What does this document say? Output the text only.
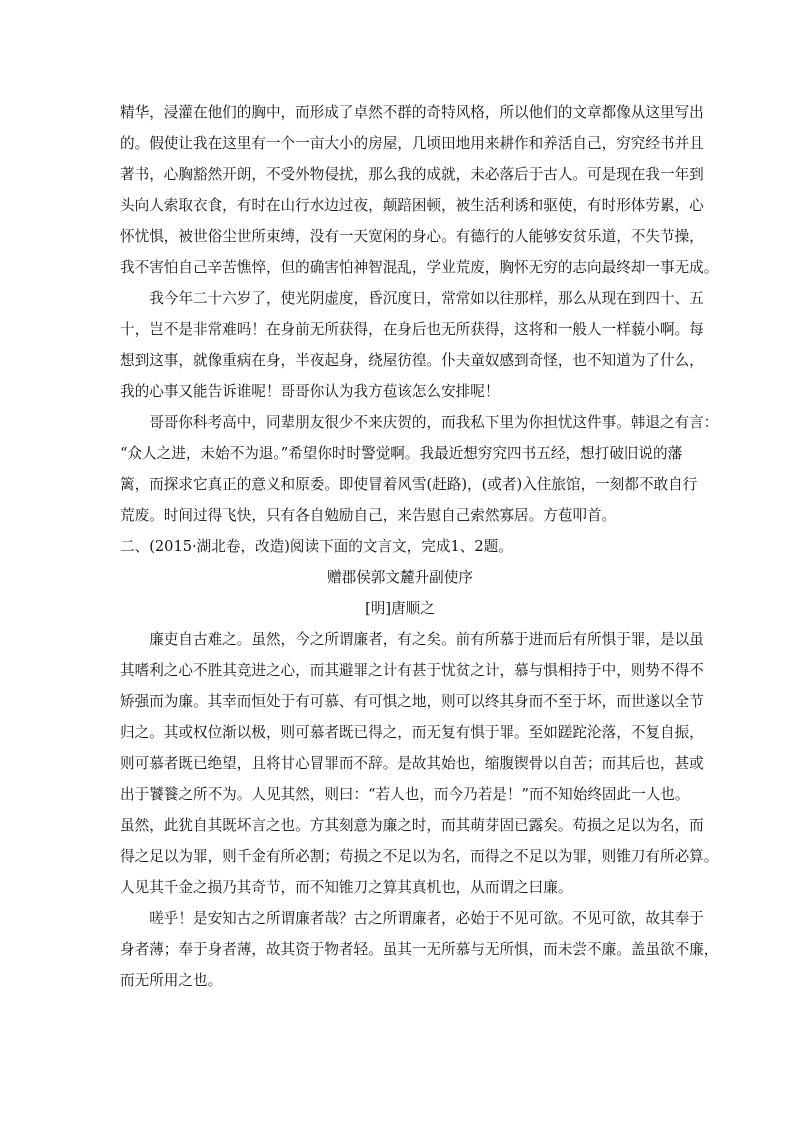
精华，浸灌在他们的胸中，而形成了卓然不群的奇特风格，所以他们的文章都像从这里写出
的。假使让我在这里有一个一亩大小的房屋，几顷田地用来耕作和养活自己，穷究经书并且
著书，心胸豁然开朗，不受外物侵扰，那么我的成就，未必落后于古人。可是现在我一年到
头向人索取衣食，有时在山行水边过夜，颠踣困顿，被生活利诱和驱使，有时形体劳累，心
怀忧惧，被世俗尘世所束缚，没有一天宽闲的身心。有德行的人能够安贫乐道，不失节操，
我不害怕自己辛苦憔悴，但的确害怕神智混乱，学业荒废，胸怀无穷的志向最终却一事无成。

我今年二十六岁了，使光阴虚度，昏沉度日，常常如以往那样，那么从现在到四十、五
十，岂不是非常难吗！在身前无所获得，在身后也无所获得，这将和一般人一样藐小啊。每
想到这事，就像重病在身，半夜起身，绕屋彷徨。仆夫童奴感到奇怪，也不知道为了什么，
我的心事又能告诉谁呢！哥哥你认为我方苞该怎么安排呢！

哥哥你科考高中，同辈朋友很少不来庆贺的，而我私下里为你担忧这件事。韩退之有言：
“众人之进，未始不为退。”希望你时时警觉啊。我最近想穷究四书五经，想打破旧说的藩
篱，而探求它真正的意义和原委。即使冒着风雪(赶路)，(或者)入住旅馆，一刻都不敢自行
荒废。时间过得飞快，只有各自勉励自己，来告慰自己索然寡居。方苞叩首。

二、(2015·湖北卷，改造)阅读下面的文言文，完成1、2题。

赠郡侯郭文麓升副使序

[明]唐顺之

廉吏自古难之。虽然，今之所谓廉者，有之矣。前有所慕于进而后有所惧于罪，是以虽
其嗜利之心不胜其竞进之心，而其避罪之计有甚于忧贫之计，慕与惧相持于中，则势不得不
矫强而为廉。其幸而恒处于有可慕、有可惧之地，则可以终其身而不至于坏，而世遂以全节
归之。其或权位渐以极，则可慕者既已得之，而无复有惧于罪。至如蹉跎沦落，不复自振，
则可慕者既已绝望，且将甘心冒罪而不辞。是故其始也，缩腹锲骨以自苦；而其后也，甚或
出于饕餮之所不为。人见其然，则曰：“若人也，而今乃若是！”而不知始终固此一人也。
虽然，此犹自其既坏言之也。方其刻意为廉之时，而其萌芽固已露矣。苟损之足以为名，而
得之足以为罪，则千金有所必割；苟损之不足以为名，而得之不足以为罪，则锥刀有所必算。
人见其千金之损乃其奇节，而不知锥刀之算其真机也，从而谓之曰廉。

嗟乎！是安知古之所谓廉者哉？古之所谓廉者，必始于不见可欲。不见可欲，故其奉于
身者薄；奉于身者薄，故其资于物者轻。虽其一无所慕与无所惧，而未尝不廉。盖虽欲不廉，
而无所用之也。
